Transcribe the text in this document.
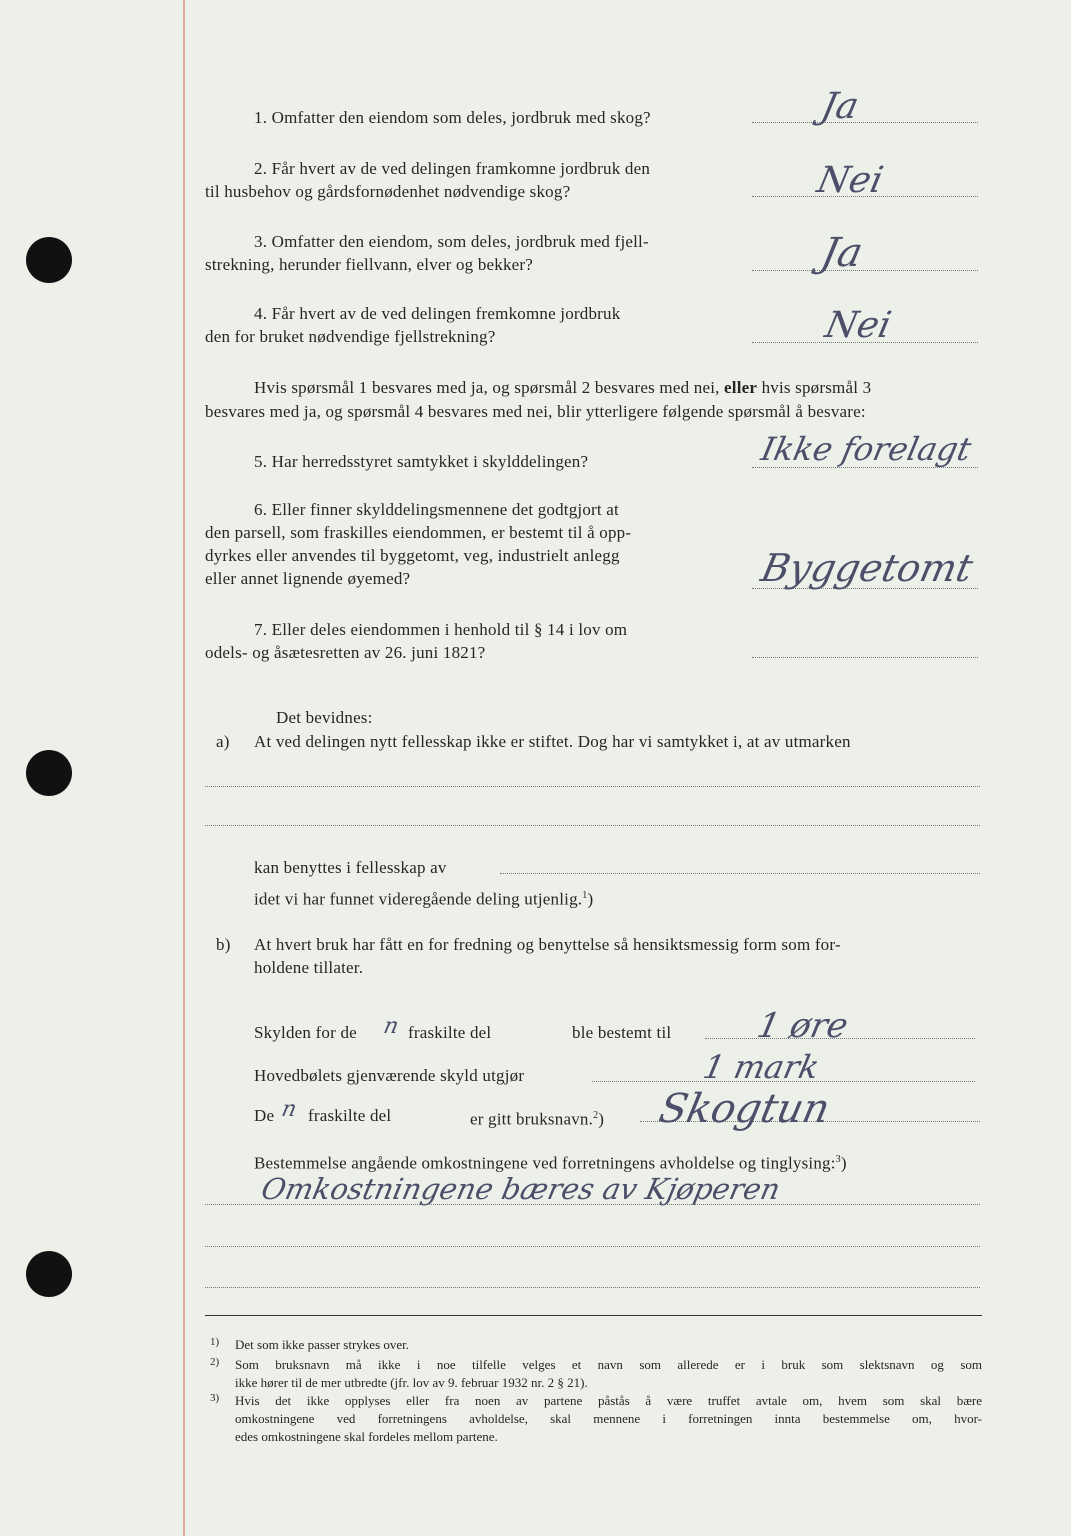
1. Omfatter den eiendom som deles, jordbruk med skog?	Ja
2. Får hvert av de ved delingen framkomne jordbruk den
til husbehov og gårdsfornødenhet nødvendige skog?	Nei
3. Omfatter den eiendom, som deles, jordbruk med fjell-
strekning, herunder fiellvann, elver og bekker?	Ja
4. Får hvert av de ved delingen fremkomne jordbruk
den for bruket nødvendige fjellstrekning?	Nei
Hvis spørsmål 1 besvares med ja, og spørsmål 2 besvares med nei, eller hvis spørsmål 3
besvares med ja, og spørsmål 4 besvares med nei, blir ytterligere følgende spørsmål å besvare:
5. Har herredsstyret samtykket i skylddelingen?	Ikke forelagt
6. Eller finner skylddelingsmennene det godtgjort at
den parsell, som fraskilles eiendommen, er bestemt til å opp-
dyrkes eller anvendes til byggetomt, veg, industrielt anlegg
eller annet lignende øyemed?	Byggetomt
7. Eller deles eiendommen i henhold til § 14 i lov om
odels- og åsætesretten av 26. juni 1821?
Det bevidnes:
a) At ved delingen nytt fellesskap ikke er stiftet. Dog har vi samtykket i, at av utmarken
kan benyttes i fellesskap av
idet vi har funnet videregående deling utjenlig.$^1$)
b) At hvert bruk har fått en for fredning og benyttelse så hensiktsmessig form som for-
holdene tillater.
Skylden for de n fraskilte del	ble bestemt til 1 øre
Hovedbølets gjenværende skyld utgjør	1 mark
De n fraskilte del	er gitt bruksnavn.$^2$) Skogtun
Bestemmelse angående omkostningene ved forretningens avholdelse og tinglysing:$^3$)
Omkostningene bæres av Kjøperen
1) Det som ikke passer strykes over.
2) Som bruksnavn må ikke i noe tilfelle velges et navn som allerede er i bruk som slektsnavn og som
ikke hører til de mer utbredte (jfr. lov av 9. februar 1932 nr. 2 § 21).
3) Hvis det ikke opplyses eller fra noen av partene påstås å være truffet avtale om, hvem som skal bære
omkostningene ved forretningens avholdelse, skal mennene i forretningen innta bestemmelse om, hvor-
edes omkostningene skal fordeles mellom partene.
